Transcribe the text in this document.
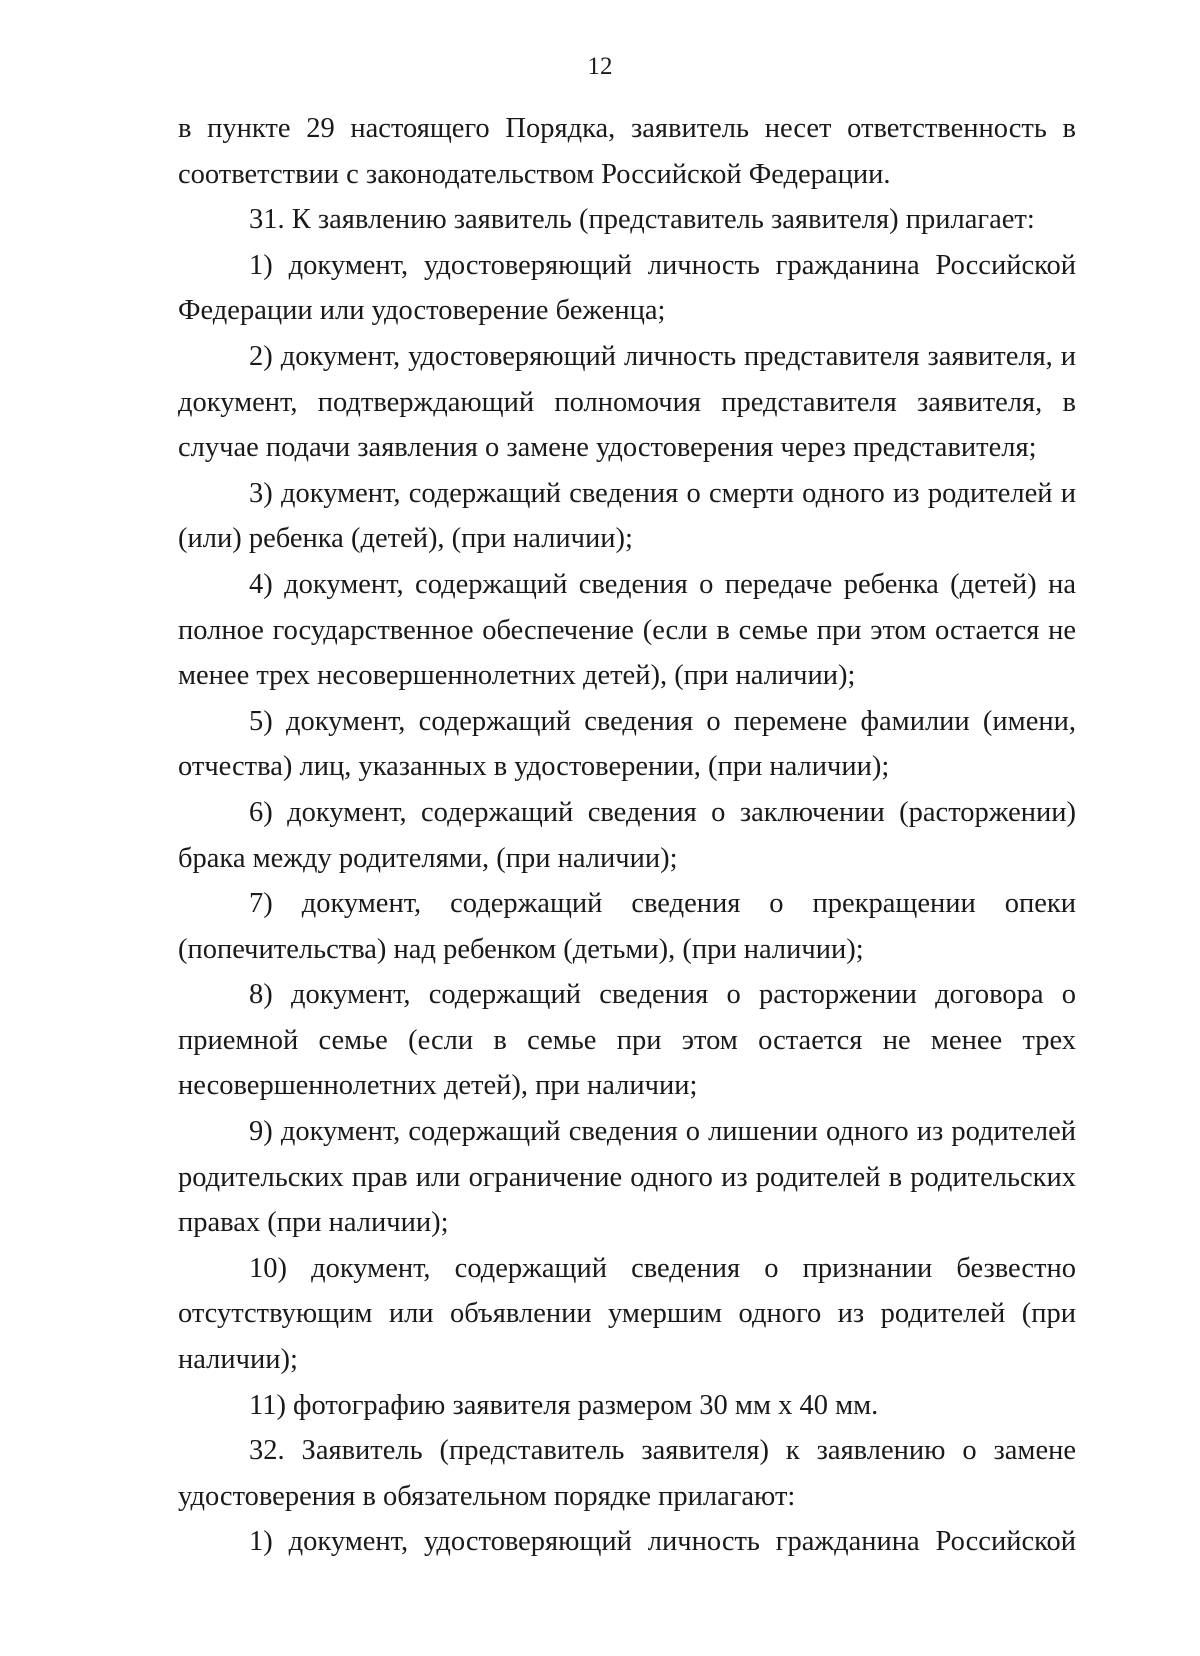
12

в пункте 29 настоящего Порядка, заявитель несет ответственность в соответствии с законодательством Российской Федерации.

31. К заявлению заявитель (представитель заявителя) прилагает:

1) документ, удостоверяющий личность гражданина Российской Федерации или удостоверение беженца;

2) документ, удостоверяющий личность представителя заявителя, и документ, подтверждающий полномочия представителя заявителя, в случае подачи заявления о замене удостоверения через представителя;

3) документ, содержащий сведения о смерти одного из родителей и (или) ребенка (детей), (при наличии);

4) документ, содержащий сведения о передаче ребенка (детей) на полное государственное обеспечение (если в семье при этом остается не менее трех несовершеннолетних детей), (при наличии);

5) документ, содержащий сведения о перемене фамилии (имени, отчества) лиц, указанных в удостоверении, (при наличии);

6) документ, содержащий сведения о заключении (расторжении) брака между родителями, (при наличии);

7) документ, содержащий сведения о прекращении опеки (попечительства) над ребенком (детьми), (при наличии);

8) документ, содержащий сведения о расторжении договора о приемной семье (если в семье при этом остается не менее трех несовершеннолетних детей), при наличии;

9) документ, содержащий сведения о лишении одного из родителей родительских прав или ограничение одного из родителей в родительских правах (при наличии);

10) документ, содержащий сведения о признании безвестно отсутствующим или объявлении умершим одного из родителей (при наличии);

11) фотографию заявителя размером 30 мм х 40 мм.

32. Заявитель (представитель заявителя) к заявлению о замене удостоверения в обязательном порядке прилагают:

1) документ, удостоверяющий личность гражданина Российской
